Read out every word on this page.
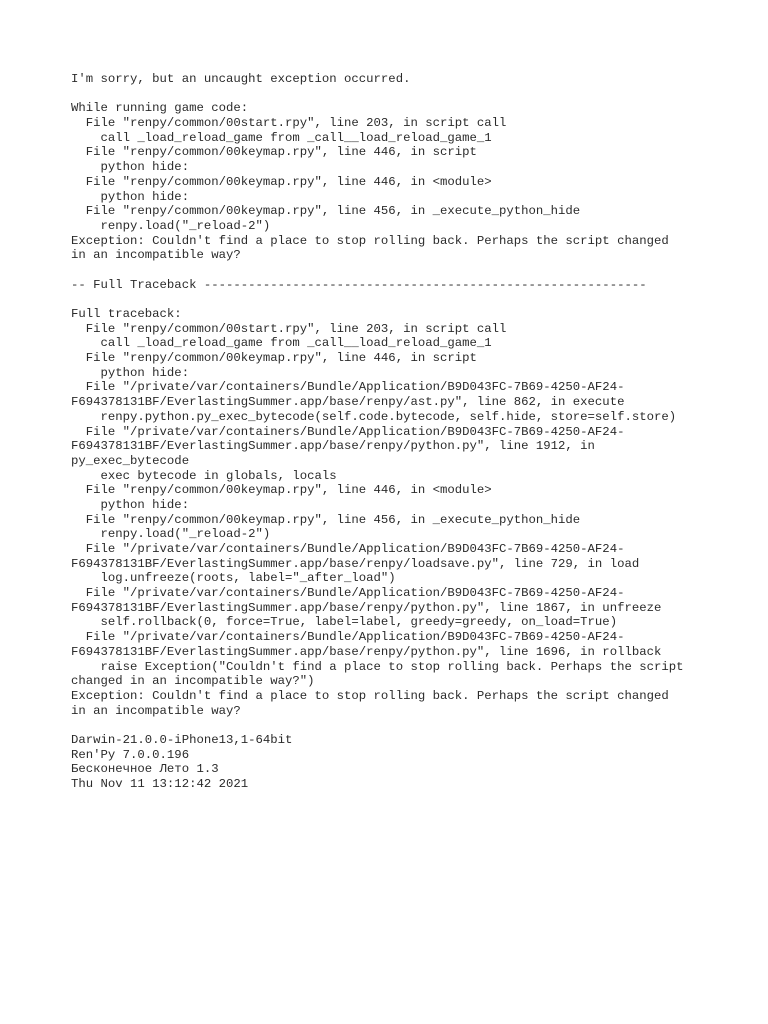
I'm sorry, but an uncaught exception occurred.
While running game code:
File "renpy/common/00start.rpy", line 203, in script call
call _load_reload_game from _call__load_reload_game_1
File "renpy/common/00keymap.rpy", line 446, in script
python hide:
File "renpy/common/00keymap.rpy", line 446, in <module>
python hide:
File "renpy/common/00keymap.rpy", line 456, in _execute_python_hide
renpy.load("_reload-2")
Exception: Couldn't find a place to stop rolling back. Perhaps the script changed
in an incompatible way?
-- Full Traceback ------------------------------------------------------------
Full traceback:
File "renpy/common/00start.rpy", line 203, in script call
call _load_reload_game from _call__load_reload_game_1
File "renpy/common/00keymap.rpy", line 446, in script
python hide:
File "/private/var/containers/Bundle/Application/B9D043FC-7B69-4250-AF24-
F694378131BF/EverlastingSummer.app/base/renpy/ast.py", line 862, in execute
renpy.python.py_exec_bytecode(self.code.bytecode, self.hide, store=self.store)
File "/private/var/containers/Bundle/Application/B9D043FC-7B69-4250-AF24-
F694378131BF/EverlastingSummer.app/base/renpy/python.py", line 1912, in
py_exec_bytecode
exec bytecode in globals, locals
File "renpy/common/00keymap.rpy", line 446, in <module>
python hide:
File "renpy/common/00keymap.rpy", line 456, in _execute_python_hide
renpy.load("_reload-2")
File "/private/var/containers/Bundle/Application/B9D043FC-7B69-4250-AF24-
F694378131BF/EverlastingSummer.app/base/renpy/loadsave.py", line 729, in load
log.unfreeze(roots, label="_after_load")
File "/private/var/containers/Bundle/Application/B9D043FC-7B69-4250-AF24-
F694378131BF/EverlastingSummer.app/base/renpy/python.py", line 1867, in unfreeze
self.rollback(0, force=True, label=label, greedy=greedy, on_load=True)
File "/private/var/containers/Bundle/Application/B9D043FC-7B69-4250-AF24-
F694378131BF/EverlastingSummer.app/base/renpy/python.py", line 1696, in rollback
raise Exception("Couldn't find a place to stop rolling back. Perhaps the script
changed in an incompatible way?")
Exception: Couldn't find a place to stop rolling back. Perhaps the script changed
in an incompatible way?
Darwin-21.0.0-iPhone13,1-64bit
Ren'Py 7.0.0.196
Бесконечное Лето 1.3
Thu Nov 11 13:12:42 2021
